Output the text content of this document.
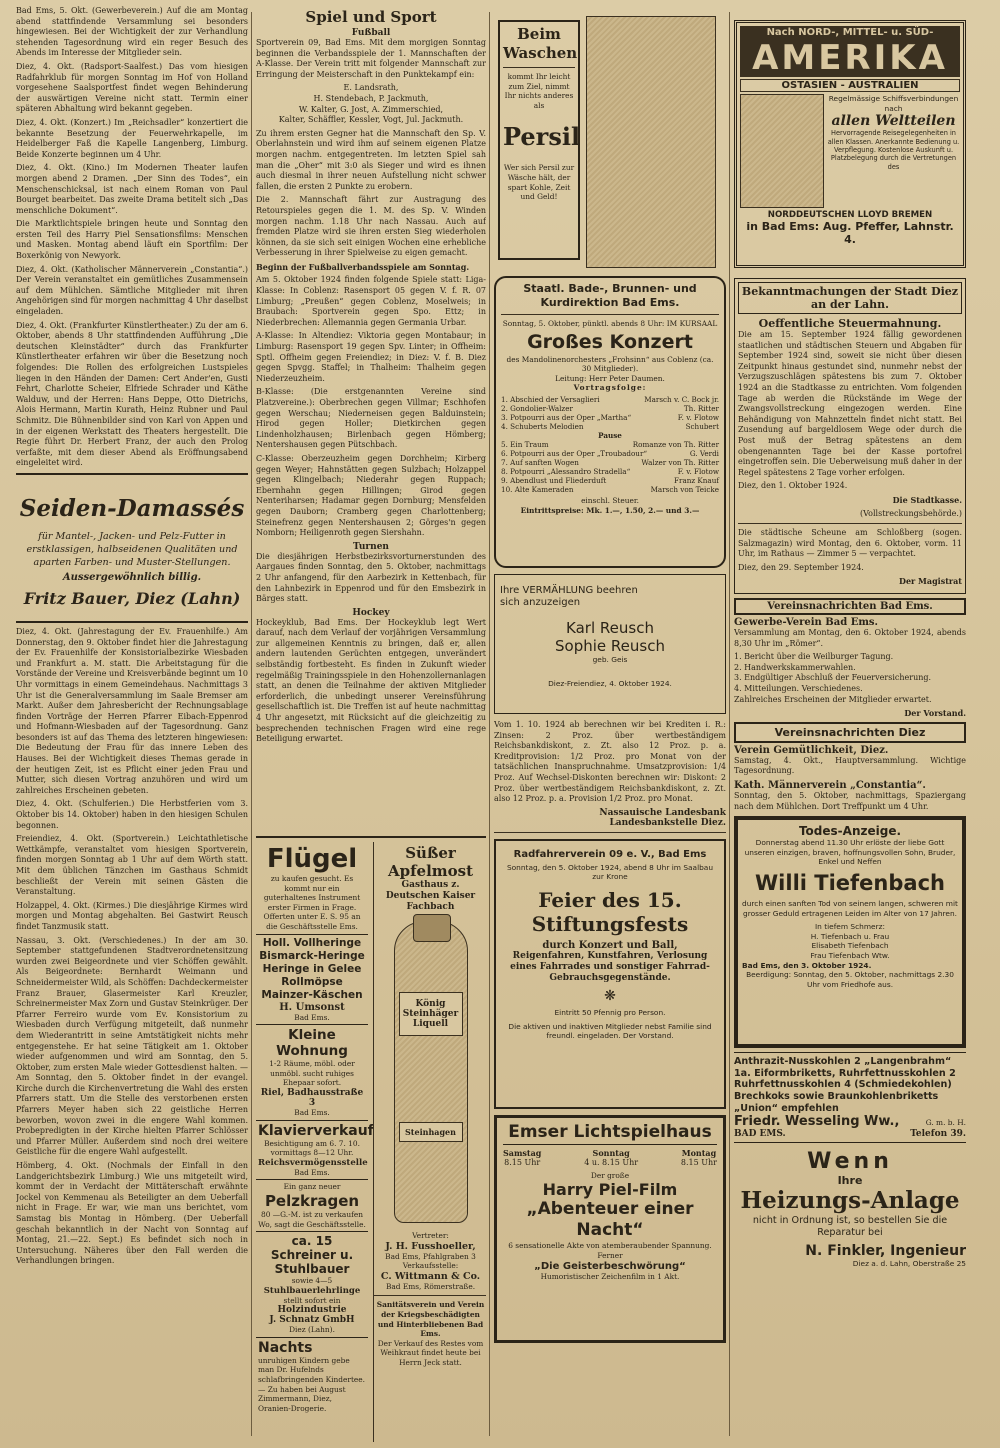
Bad Ems, 5. Okt. (Gewerbeverein.) Auf die am Montag abend stattfindende Versammlung sei besonders hingewiesen. Bei der Wichtigkeit der zur Verhandlung stehenden Tagesordnung wird ein reger Besuch des Abends im Interesse der Mitglieder sein.

Diez, 4. Okt. (Radsport-Saalfest.) Das vom hiesigen Radfahrklub für morgen Sonntag im Hof von Holland vorgesehene Saalsportfest findet wegen Behinderung der auswärtigen Vereine nicht statt. Termin einer späteren Abhaltung wird bekannt gegeben.

Diez, 4. Okt. (Konzert.) Im „Reichsadler“ konzertiert die bekannte Besetzung der Feuerwehrkapelle, im Heidelberger Faß die Kapelle Langenberg, Limburg. Beide Konzerte beginnen um 4 Uhr.

Diez, 4. Okt. (Kino.) Im Modernen Theater laufen morgen abend 2 Dramen. „Der Sinn des Todes“, ein Menschenschicksal, ist nach einem Roman von Paul Bourget bearbeitet. Das zweite Drama betitelt sich „Das menschliche Dokument“.

Die Marktlichtspiele bringen heute und Sonntag den ersten Teil des Harry Piel Sensationsfilms: Menschen und Masken. Montag abend läuft ein Sportfilm: Der Boxerkönig von Newyork.

Diez, 4. Okt. (Katholischer Männerverein „Constantia“.) Der Verein veranstaltet ein gemütliches Zusammensein auf dem Mühlchen. Sämtliche Mitglieder mit ihren Angehörigen sind für morgen nachmittag 4 Uhr daselbst eingeladen.

Diez, 4. Okt. (Frankfurter Künstlertheater.) Zu der am 6. Oktober, abends 8 Uhr stattfindenden Aufführung „Die deutschen Kleinstädter“ durch das Frankfurter Künstlertheater erfahren wir über die Besetzung noch folgendes: Die Rollen des erfolgreichen Lustspieles liegen in den Händen der Damen: Cert Ander'en, Gusti Fehrt, Charlotte Scheier, Elfriede Schrader und Käthe Walduw, und der Herren: Hans Deppe, Otto Dietrichs, Alois Hermann, Martin Kurath, Heinz Rubner und Paul Schmitz. Die Bühnenbilder sind von Karl von Appen und in der eigenen Werkstatt des Theaters hergestellt. Die Regie führt Dr. Herbert Franz, der auch den Prolog verfaßte, mit dem dieser Abend als Eröffnungsabend eingeleitet wird.

Seiden-Damassés
für Mantel-, Jacken- und Pelz-Futter in erstklassigen, halbseidenen Qualitäten und aparten Farben- und Muster-Stellungen.
Aussergewöhnlich billig.
Fritz Bauer, Diez (Lahn)

Diez, 4. Okt. (Jahrestagung der Ev. Frauenhilfe.) Am Donnerstag, den 9. Oktober findet hier die Jahrestagung der Ev. Frauenhilfe der Konsistorialbezirke Wiesbaden und Frankfurt a. M. statt. Die Arbeitstagung für die Vorstände der Vereine und Kreisverbände beginnt um 10 Uhr vormittags in einem Gemeindehaus. Nachmittags 3 Uhr ist die Generalversammlung im Saale Bremser am Markt. Außer dem Jahresbericht der Rechnungsablage finden Vorträge der Herren Pfarrer Eibach-Eppenrod und Hofmann-Wiesbaden auf der Tagesordnung. Ganz besonders ist auf das Thema des letzteren hingewiesen: Die Bedeutung der Frau für das innere Leben des Hauses. Bei der Wichtigkeit dieses Themas gerade in der heutigen Zeit, ist es Pflicht einer jeden Frau und Mutter, sich diesen Vortrag anzuhören und wird um zahlreiches Erscheinen gebeten.

Diez, 4. Okt. (Schulferien.) Die Herbstferien vom 3. Oktober bis 14. Oktober) haben in den hiesigen Schulen begonnen.

Freiendiez, 4. Okt. (Sportverein.) Leichtathletische Wettkämpfe, veranstaltet vom hiesigen Sportverein, finden morgen Sonntag ab 1 Uhr auf dem Wörth statt. Mit dem üblichen Tänzchen im Gasthaus Schmidt beschließt der Verein mit seinen Gästen die Veranstaltung.

Holzappel, 4. Okt. (Kirmes.) Die diesjährige Kirmes wird morgen und Montag abgehalten. Bei Gastwirt Reusch findet Tanzmusik statt.

Nassau, 3. Okt. (Verschiedenes.) In der am 30. September stattgefundenen Stadtverordnetensitzung wurden zwei Beigeordnete und vier Schöffen gewählt. Als Beigeordnete: Bernhardt Weimann und Schneidermeister Wild, als Schöffen: Dachdeckermeister Franz Brauer, Glasermeister Karl Kreuzler, Schreinermeister Max Zorn und Gustav Steinkrüger. Der Pfarrer Ferreiro wurde vom Ev. Konsistorium zu Wiesbaden durch Verfügung mitgeteilt, daß nunmehr dem Wiederantritt in seine Amtstätigkeit nichts mehr entgegenstehe. Er hat seine Tätigkeit am 1. Oktober wieder aufgenommen und wird am Sonntag, den 5. Oktober, zum ersten Male wieder Gottesdienst halten. — Am Sonntag, den 5. Oktober findet in der evangel. Kirche durch die Kirchenvertretung die Wahl des ersten Pfarrers statt. Um die Stelle des verstorbenen ersten Pfarrers Meyer haben sich 22 geistliche Herren beworben, wovon zwei in die engere Wahl kommen. Probepredigten in der Kirche hielten Pfarrer Schlösser und Pfarrer Müller. Außerdem sind noch drei weitere Geistliche für die engere Wahl aufgestellt.

Hömberg, 4. Okt. (Nochmals der Einfall in den Landgerichtsbezirk Limburg.) Wie uns mitgeteilt wird, kommt der in Verdacht der Mittäterschaft erwähnte Jockel von Kemmenau als Beteiligter an dem Ueberfall nicht in Frage. Er war, wie man uns berichtet, vom Samstag bis Montag in Hömberg. (Der Ueberfall geschah bekanntlich in der Nacht von Sonntag auf Montag, 21.—22. Sept.) Es befindet sich noch in Untersuchung. Näheres über den Fall werden die Verhandlungen bringen.

Spiel und Sport
Fußball

Sportverein 09, Bad Ems. Mit dem morgigen Sonntag beginnen die Verbandsspiele der 1. Mannschaften der A-Klasse. Der Verein tritt mit folgender Mannschaft zur Erringung der Meisterschaft in den Punktekampf ein:

E. Landsrath,
H. Stendebach, P. Jackmuth,
W. Kalter, G. Jost, A. Zimmerschied,
Kalter, Schäffler, Kessler, Vogt, Jul. Jackmuth.

Zu ihrem ersten Gegner hat die Mannschaft den Sp. V. Oberlahnstein und wird ihm auf seinem eigenen Platze morgen nachm. entgegentreten. Im letzten Spiel sah man die „Oher“ mit 3:0 als Sieger und wird es ihnen auch diesmal in ihrer neuen Aufstellung nicht schwer fallen, die ersten 2 Punkte zu erobern.

Die 2. Mannschaft fährt zur Austragung des Retourspieles gegen die 1. M. des Sp. V. Winden morgen nachm. 1.18 Uhr nach Nassau. Auch auf fremden Platze wird sie ihren ersten Sieg wiederholen können, da sie sich seit einigen Wochen eine erhebliche Verbesserung in ihrer Spielweise zu eigen gemacht.

Beginn der Fußballverbandsspiele am Sonntag.

Am 5. Oktober 1924 finden folgende Spiele statt: Liga-Klasse: In Coblenz: Rasensport 05 gegen V. f. R. 07 Limburg; „Preußen“ gegen Coblenz, Moselweis; in Braubach: Sportverein gegen Spo. Ettz; in Niederbrechen: Allemannia gegen Germania Urbar.

A-Klasse: In Altendiez: Viktoria gegen Montabaur; in Limburg: Rasensport 19 gegen Spv. Linter; in Offheim: Sptl. Offheim gegen Freiendiez; in Diez: V. f. B. Diez gegen Spvgg. Staffel; in Thalheim: Thalheim gegen Niederzeuzheim.

B-Klasse: (Die erstgenannten Vereine sind Platzvereine.): Oberbrechen gegen Villmar; Eschhofen gegen Werschau; Niederneisen gegen Balduinstein; Hirod gegen Holler; Dietkirchen gegen Lindenholzhausen; Birlenbach gegen Hömberg; Nentershausen gegen Pütschbach.

C-Klasse: Oberzeuzheim gegen Dorchheim; Kirberg gegen Weyer; Hahnstätten gegen Sulzbach; Holzappel gegen Klingelbach; Niederahr gegen Ruppach; Ebernhahn gegen Hillingen; Girod gegen Nenteriharsen; Hadamar gegen Dornburg; Mensfelden gegen Dauborn; Cramberg gegen Charlottenberg; Steinefrenz gegen Nentershausen 2; Görges'n gegen Nomborn; Heiligenroth gegen Siershahn.

Turnen

Die diesjährigen Herbstbezirksvorturnerstunden des Aargaues finden Sonntag, den 5. Oktober, nachmittags 2 Uhr anfangend, für den Aarbezirk in Kettenbach, für den Lahnbezirk in Eppenrod und für den Emsbezirk in Bärges statt.

Hockey

Hockeyklub, Bad Ems. Der Hockeyklub legt Wert darauf, nach dem Verlauf der vorjährigen Versammlung zur allgemeinen Kenntnis zu bringen, daß er, allen andern lautenden Gerüchten entgegen, unverändert selbständig fortbesteht. Es finden in Zukunft wieder regelmäßig Trainingsspiele in den Hohenzollernanlagen statt, an denen die Teilnahme der aktiven Mitglieder erforderlich, die unbedingt unserer Vereinsführung gesellschaftlich ist. Die Treffen ist auf heute nachmittag 4 Uhr angesetzt, mit Rücksicht auf die gleichzeitig zu besprechenden technischen Fragen wird eine rege Beteiligung erwartet.

Flügel
zu kaufen gesucht. Es kommt nur ein guterhaltenes Instrument erster Firmen in Frage. Offerten unter E. S. 95 an die Geschäftsstelle Ems.
Holl. Vollheringe Bismarck-Heringe Heringe in Gelee Rollmöpse Mainzer-Käschen
H. Umsonst
Bad Ems.
Kleine Wohnung
1-2 Räume, möbl. oder unmöbl. sucht ruhiges Ehepaar sofort.
Riel, Badhausstraße 3
Bad Ems.
Klavierverkauf
Besichtigung am 6. 7. 10. vormittags 8—12 Uhr.
Reichsvermögensstelle
Bad Ems.
Ein ganz neuer
Pelzkragen
80 —G.-M. ist zu verkaufen Wo, sagt die Geschäftsstelle.
ca. 15 Schreiner u. Stuhlbauer
sowie 4—5
Stuhlbauerlehrlinge
stellt sofort ein
Holzindustrie
J. Schnatz GmbH
Diez (Lahn).
Nachts
unruhigen Kindern gebe man Dr. Hufelnds schlafbringenden Kindertee. — Zu haben bei August Zimmermann, Diez, Oranien-Drogerie.
Süßer Apfelmost
Gasthaus z. Deutschen Kaiser Fachbach
König Steinhäger Liquell
Steinhagen
Vertreter:
J. H. Fusshoeller,
Bad Ems, Pfahlgraben 3
Verkaufsstelle:
C. Wittmann & Co.
Bad Ems, Römerstraße.
Sanitätsverein und Verein der Kriegsbeschädigten und Hinterbliebenen Bad Ems.
Der Verkauf des Restes vom Weihkraut findet heute bei Herrn Jeck statt.
Beim Waschen
kommt Ihr leicht zum Ziel, nimmt Ihr nichts anderes als
Persil
Wer sich Persil zur Wäsche hält, der spart Kohle, Zeit und Geld!
Staatl. Bade-, Brunnen- und Kurdirektion Bad Ems.
Sonntag, 5. Oktober, pünktl. abends 8 Uhr: IM KURSAAL
Großes Konzert
des Mandolinenorchesters „Frohsinn“ aus Coblenz (ca. 30 Mitglieder).
Leitung: Herr Peter Daumen.
Vortragsfolge:
1. Abschied der Versaglieri	Marsch v. C. Bock jr.
2. Gondolier-Walzer	Th. Ritter
3. Potpourri aus der Oper „Martha“	F. v. Flotow
4. Schuberts Melodien	Schubert
Pause
5. Ein Traum	Romanze von Th. Ritter
6. Potpourri aus der Oper „Troubadour“	G. Verdi
7. Auf sanften Wogen	Walzer von Th. Ritter
8. Potpourri „Alessandro Stradella“	F. v. Flotow
9. Abendlust und Fliederduft	Franz Knauf
10. Alte Kameraden	Marsch von Teicke
einschl. Steuer.
Eintrittspreise: Mk. 1.—, 1.50, 2.— und 3.—
Ihre VERMÄHLUNG beehren sich anzuzeigen
Karl Reusch
Sophie Reusch
geb. Geis
Diez-Freiendiez, 4. Oktober 1924.

Vom 1. 10. 1924 ab berechnen wir bei Krediten i. R.: Zinsen: 2 Proz. über wertbeständigem Reichsbankdiskont, z. Zt. also 12 Proz. p. a. Kreditprovision: 1/2 Proz. pro Monat von der tatsächlichen Inanspruchnahme. Umsatzprovision: 1/4 Proz. Auf Wechsel-Diskonten berechnen wir: Diskont: 2 Proz. über wertbeständigem Reichsbankdiskont, z. Zt. also 12 Proz. p. a. Provision 1/2 Proz. pro Monat.

Nassauische Landesbank
Landesbankstelle Diez.
Radfahrerverein 09 e. V., Bad Ems
Sonntag, den 5. Oktober 1924, abend 8 Uhr im Saalbau zur Krone
Feier des 15. Stiftungsfests
durch Konzert und Ball,
Reigenfahren, Kunstfahren, Verlosung eines Fahrrades und sonstiger Fahrrad-Gebrauchsgegenstände.
❋
Eintritt 50 Pfennig pro Person.
Die aktiven und inaktiven Mitglieder nebst Familie sind freundl. eingeladen. Der Vorstand.
Emser Lichtspielhaus
Samstag
8.15 Uhr
Sonntag
4 u. 8.15 Uhr
Montag
8.15 Uhr
Der große
Harry Piel-Film
„Abenteuer einer Nacht“
6 sensationelle Akte von atemberaubender Spannung. Ferner
„Die Geisterbeschwörung“
Humoristischer Zeichenfilm in 1 Akt.
Nach NORD-, MITTEL- u. SÜD-
AMERIKA
OSTASIEN - AUSTRALIEN
Regelmässige Schiffsverbindungen nach
allen Weltteilen
Hervorragende Reisegelegenheiten in allen Klassen. Anerkannte Bedienung u. Verpflegung. Kostenlose Auskunft u. Platzbelegung durch die Vertretungen des
NORDDEUTSCHEN LLOYD BREMEN
in Bad Ems: Aug. Pfeffer, Lahnstr. 4.
Bekanntmachungen der Stadt Diez an der Lahn.
Oeffentliche Steuermahnung.

Die am 15. September 1924 fällig gewordenen staatlichen und städtischen Steuern und Abgaben für September 1924 sind, soweit sie nicht über diesen Zeitpunkt hinaus gestundet sind, nunmehr nebst der Verzugszuschlägen spätestens bis zum 7. Oktober 1924 an die Stadtkasse zu entrichten. Vom folgenden Tage ab werden die Rückstände im Wege der Zwangsvollstreckung eingezogen werden. Eine Behändigung von Mahnzetteln findet nicht statt. Bei Zusendung auf bargeldlosem Wege oder durch die Post muß der Betrag spätestens an dem obengenannten Tage bei der Kasse portofrei eingetroffen sein. Die Ueberweisung muß daher in der Regel spätestens 2 Tage vorher erfolgen.

Diez, den 1. Oktober 1924.
Die Stadtkasse.
(Vollstreckungsbehörde.)

Die städtische Scheune am Schloßberg (sogen. Salzmagazin) wird Montag, den 6. Oktober, vorm. 11 Uhr, im Rathaus — Zimmer 5 — verpachtet.

Diez, den 29. September 1924.
Der Magistrat
Vereinsnachrichten Bad Ems.
Gewerbe-Verein Bad Ems.

Versammlung am Montag, den 6. Oktober 1924, abends 8,30 Uhr im „Römer“.

1. Bericht über die Weilburger Tagung.
2. Handwerkskammerwahlen.
3. Endgültiger Abschluß der Feuerversicherung.
4. Mitteilungen. Verschiedenes.
Zahlreiches Erscheinen der Mitglieder erwartet.
Der Vorstand.
Vereinsnachrichten Diez
Verein Gemütlichkeit, Diez.

Samstag, 4. Okt., Hauptversammlung. Wichtige Tagesordnung.

Kath. Männerverein „Constantia“.

Sonntag, den 5. Oktober, nachmittags, Spaziergang nach dem Mühlchen. Dort Treffpunkt um 4 Uhr.

Todes-Anzeige.
Donnerstag abend 11.30 Uhr erlöste der liebe Gott unseren einzigen, braven, hoffnungsvollen Sohn, Bruder, Enkel und Neffen
Willi Tiefenbach
durch einen sanften Tod von seinem langen, schweren mit grosser Geduld ertragenen Leiden im Alter von 17 Jahren.
In tiefem Schmerz:
H. Tiefenbach u. Frau
Elisabeth Tiefenbach
Frau Tiefenbach Wtw.
Bad Ems, den 3. Oktober 1924.
Beerdigung: Sonntag, den 5. Oktober, nachmittags 2.30 Uhr vom Friedhofe aus.
Anthrazit-Nusskohlen 2 „Langenbrahm“ 1a. Eiformbriketts, Ruhrfettnusskohlen 2 Ruhrfettnusskohlen 4 (Schmiedekohlen) Brechkoks sowie Braunkohlenbriketts „Union“ empfehlen
Friedr. Wesseling Ww.,	G. m. b. H.
BAD EMS.	Telefon 39.
Wenn
Ihre
Heizungs-Anlage
nicht in Ordnung ist, so bestellen Sie die Reparatur bei
N. Finkler, Ingenieur
Diez a. d. Lahn, Oberstraße 25
